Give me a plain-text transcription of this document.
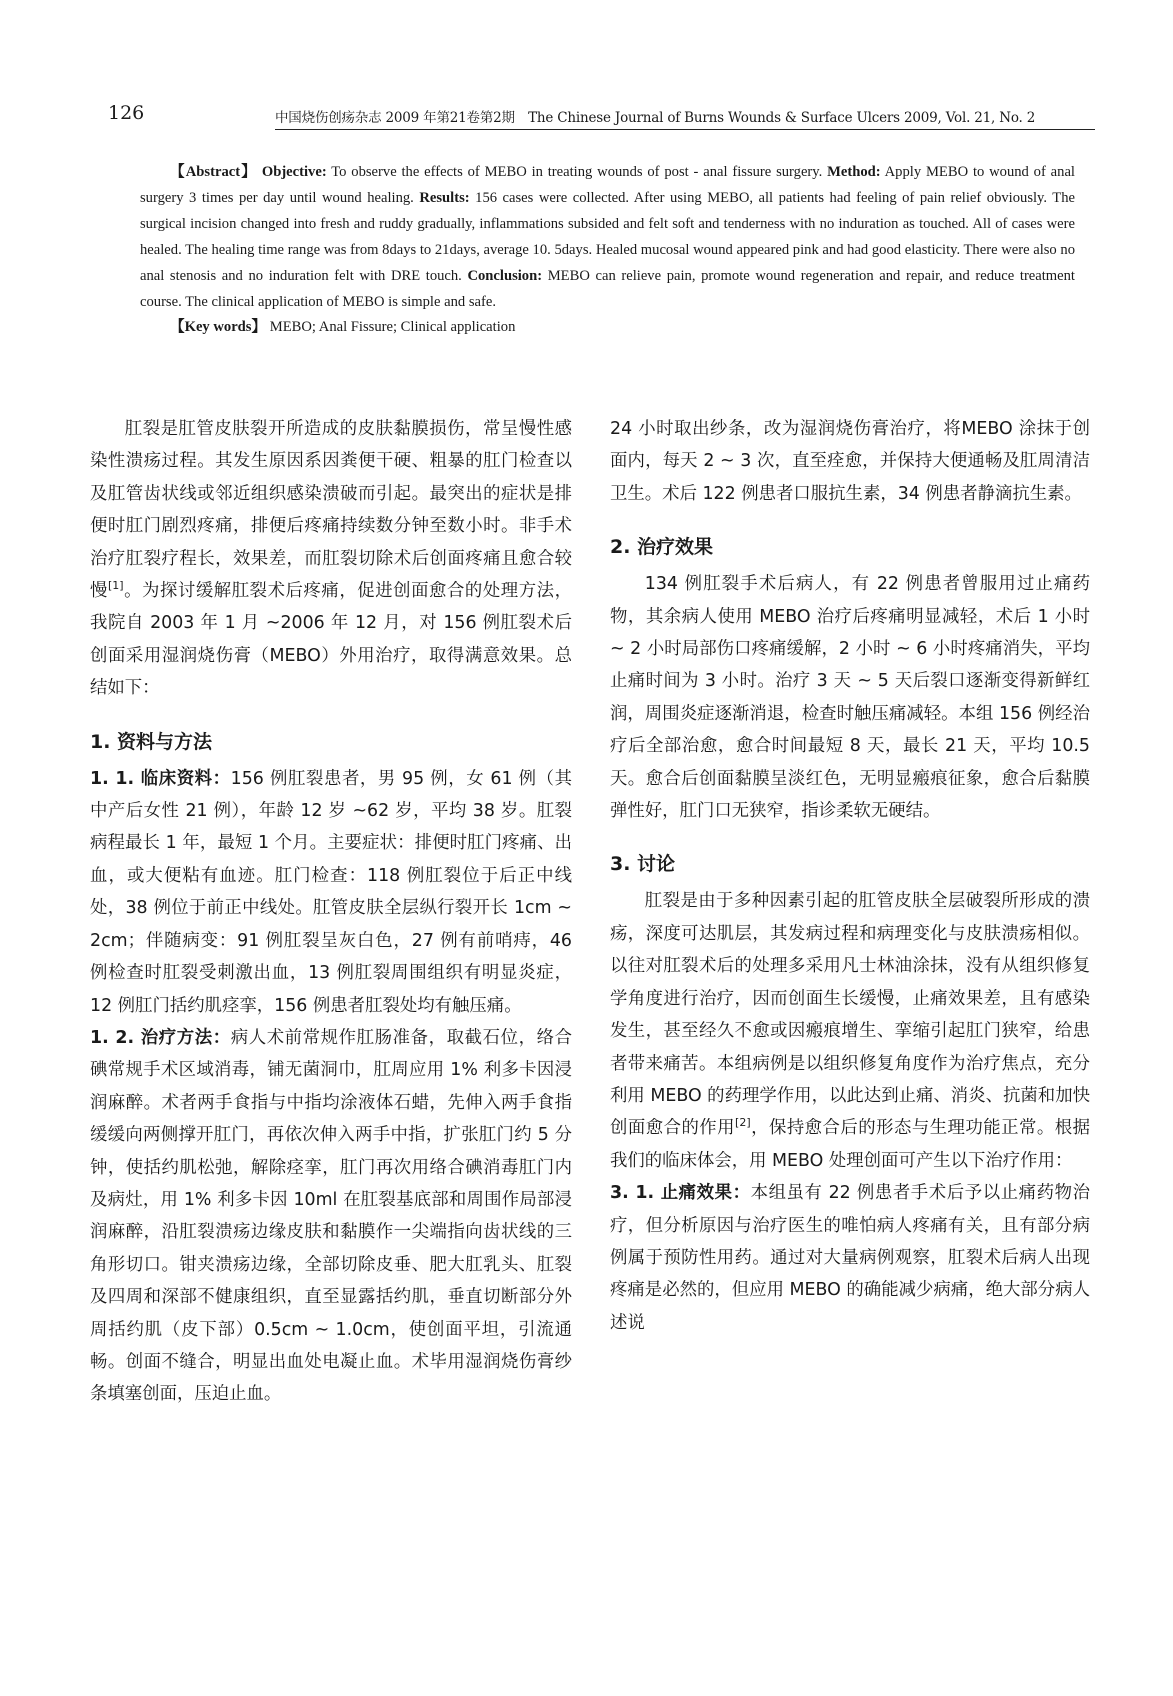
126	中国烧伤创疡杂志 2009 年第21卷第2期　The Chinese Journal of Burns Wounds & Surface Ulcers 2009, Vol. 21, No. 2

【Abstract】 Objective: To observe the effects of MEBO in treating wounds of post - anal fissure surgery. Method: Apply MEBO to wound of anal surgery 3 times per day until wound healing. Results: 156 cases were collected. After using MEBO, all patients had feeling of pain relief obviously. The surgical incision changed into fresh and ruddy gradually, inflammations subsided and felt soft and tenderness with no induration as touched. All of cases were healed. The healing time range was from 8days to 21days, average 10. 5days. Healed mucosal wound appeared pink and had good elasticity. There were also no anal stenosis and no induration felt with DRE touch. Conclusion: MEBO can relieve pain, promote wound regeneration and repair, and reduce treatment course. The clinical application of MEBO is simple and safe.

【Key words】 MEBO; Anal Fissure; Clinical application

肛裂是肛管皮肤裂开所造成的皮肤黏膜损伤，常呈慢性感染性溃疡过程。其发生原因系因粪便干硬、粗暴的肛门检查以及肛管齿状线或邻近组织感染溃破而引起。最突出的症状是排便时肛门剧烈疼痛，排便后疼痛持续数分钟至数小时。非手术治疗肛裂疗程长，效果差，而肛裂切除术后创面疼痛且愈合较慢[1]。为探讨缓解肛裂术后疼痛，促进创面愈合的处理方法，我院自 2003 年 1 月 ~2006 年 12 月，对 156 例肛裂术后创面采用湿润烧伤膏（MEBO）外用治疗，取得满意效果。总结如下：

1. 资料与方法

1. 1. 临床资料：156 例肛裂患者，男 95 例，女 61 例（其中产后女性 21 例），年龄 12 岁 ~62 岁，平均 38 岁。肛裂病程最长 1 年，最短 1 个月。主要症状：排便时肛门疼痛、出血，或大便粘有血迹。肛门检查：118 例肛裂位于后正中线处，38 例位于前正中线处。肛管皮肤全层纵行裂开长 1cm ~ 2cm；伴随病变：91 例肛裂呈灰白色，27 例有前哨痔，46 例检查时肛裂受刺激出血，13 例肛裂周围组织有明显炎症，12 例肛门括约肌痉挛，156 例患者肛裂处均有触压痛。

1. 2. 治疗方法：病人术前常规作肛肠准备，取截石位，络合碘常规手术区域消毒，铺无菌洞巾，肛周应用 1% 利多卡因浸润麻醉。术者两手食指与中指均涂液体石蜡，先伸入两手食指缓缓向两侧撑开肛门，再依次伸入两手中指，扩张肛门约 5 分钟，使括约肌松弛，解除痉挛，肛门再次用络合碘消毒肛门内及病灶，用 1% 利多卡因 10ml 在肛裂基底部和周围作局部浸润麻醉，沿肛裂溃疡边缘皮肤和黏膜作一尖端指向齿状线的三角形切口。钳夹溃疡边缘，全部切除皮垂、肥大肛乳头、肛裂及四周和深部不健康组织，直至显露括约肌，垂直切断部分外周括约肌（皮下部）0.5cm ~ 1.0cm，使创面平坦，引流通畅。创面不缝合，明显出血处电凝止血。术毕用湿润烧伤膏纱条填塞创面，压迫止血。

24 小时取出纱条，改为湿润烧伤膏治疗，将MEBO 涂抹于创面内，每天 2 ~ 3 次，直至痊愈，并保持大便通畅及肛周清洁卫生。术后 122 例患者口服抗生素，34 例患者静滴抗生素。

2. 治疗效果

134 例肛裂手术后病人，有 22 例患者曾服用过止痛药物，其余病人使用 MEBO 治疗后疼痛明显减轻，术后 1 小时 ~ 2 小时局部伤口疼痛缓解，2 小时 ~ 6 小时疼痛消失，平均止痛时间为 3 小时。治疗 3 天 ~ 5 天后裂口逐渐变得新鲜红润，周围炎症逐渐消退，检查时触压痛减轻。本组 156 例经治疗后全部治愈，愈合时间最短 8 天，最长 21 天，平均 10.5 天。愈合后创面黏膜呈淡红色，无明显瘢痕征象，愈合后黏膜弹性好，肛门口无狭窄，指诊柔软无硬结。

3. 讨论

肛裂是由于多种因素引起的肛管皮肤全层破裂所形成的溃疡，深度可达肌层，其发病过程和病理变化与皮肤溃疡相似。以往对肛裂术后的处理多采用凡士林油涂抹，没有从组织修复学角度进行治疗，因而创面生长缓慢，止痛效果差，且有感染发生，甚至经久不愈或因瘢痕增生、挛缩引起肛门狭窄，给患者带来痛苦。本组病例是以组织修复角度作为治疗焦点，充分利用 MEBO 的药理学作用，以此达到止痛、消炎、抗菌和加快创面愈合的作用[2]，保持愈合后的形态与生理功能正常。根据我们的临床体会，用 MEBO 处理创面可产生以下治疗作用：

3. 1. 止痛效果：本组虽有 22 例患者手术后予以止痛药物治疗，但分析原因与治疗医生的唯怕病人疼痛有关，且有部分病例属于预防性用药。通过对大量病例观察，肛裂术后病人出现疼痛是必然的，但应用 MEBO 的确能减少病痛，绝大部分病人述说
